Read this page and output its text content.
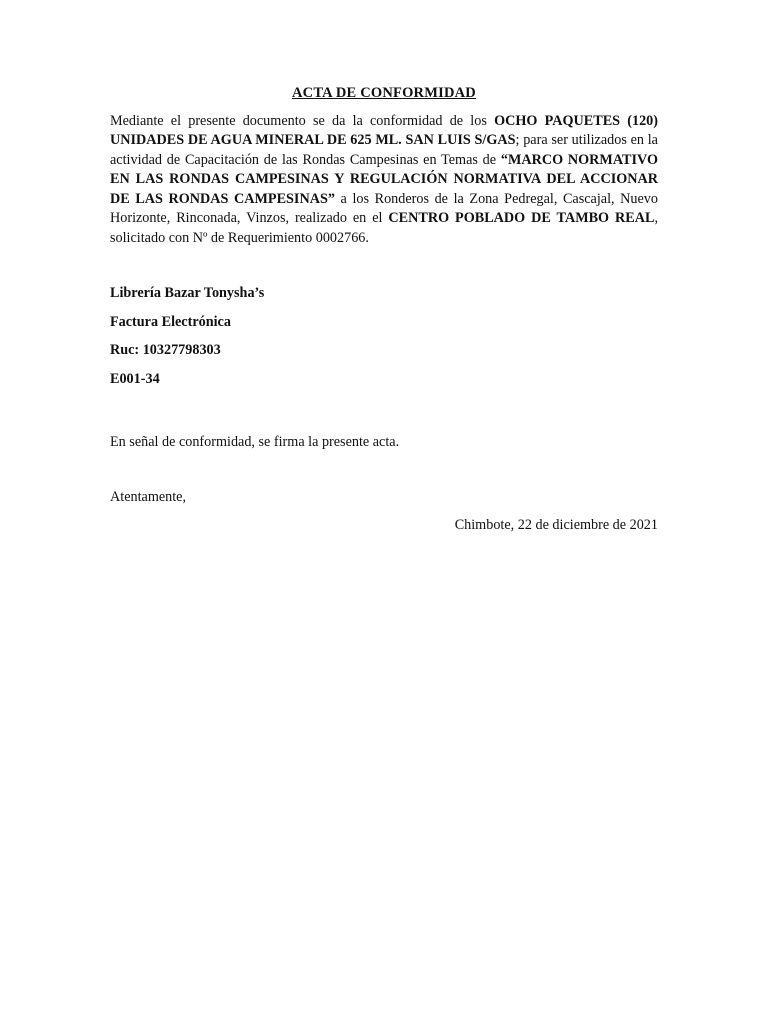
ACTA DE CONFORMIDAD

Mediante el presente documento se da la conformidad de los OCHO PAQUETES (120) UNIDADES DE AGUA MINERAL DE 625 ML. SAN LUIS S/GAS; para ser utilizados en la actividad de Capacitación de las Rondas Campesinas en Temas de “MARCO NORMATIVO EN LAS RONDAS CAMPESINAS Y REGULACIÓN NORMATIVA DEL ACCIONAR DE LAS RONDAS CAMPESINAS” a los Ronderos de la Zona Pedregal, Cascajal, Nuevo Horizonte, Rinconada, Vinzos, realizado en el CENTRO POBLADO DE TAMBO REAL, solicitado con Nº de Requerimiento 0002766.

Librería Bazar Tonysha’s
Factura Electrónica
Ruc: 10327798303
E001-34
En señal de conformidad, se firma la presente acta.
Atentamente,
Chimbote, 22 de diciembre de 2021
